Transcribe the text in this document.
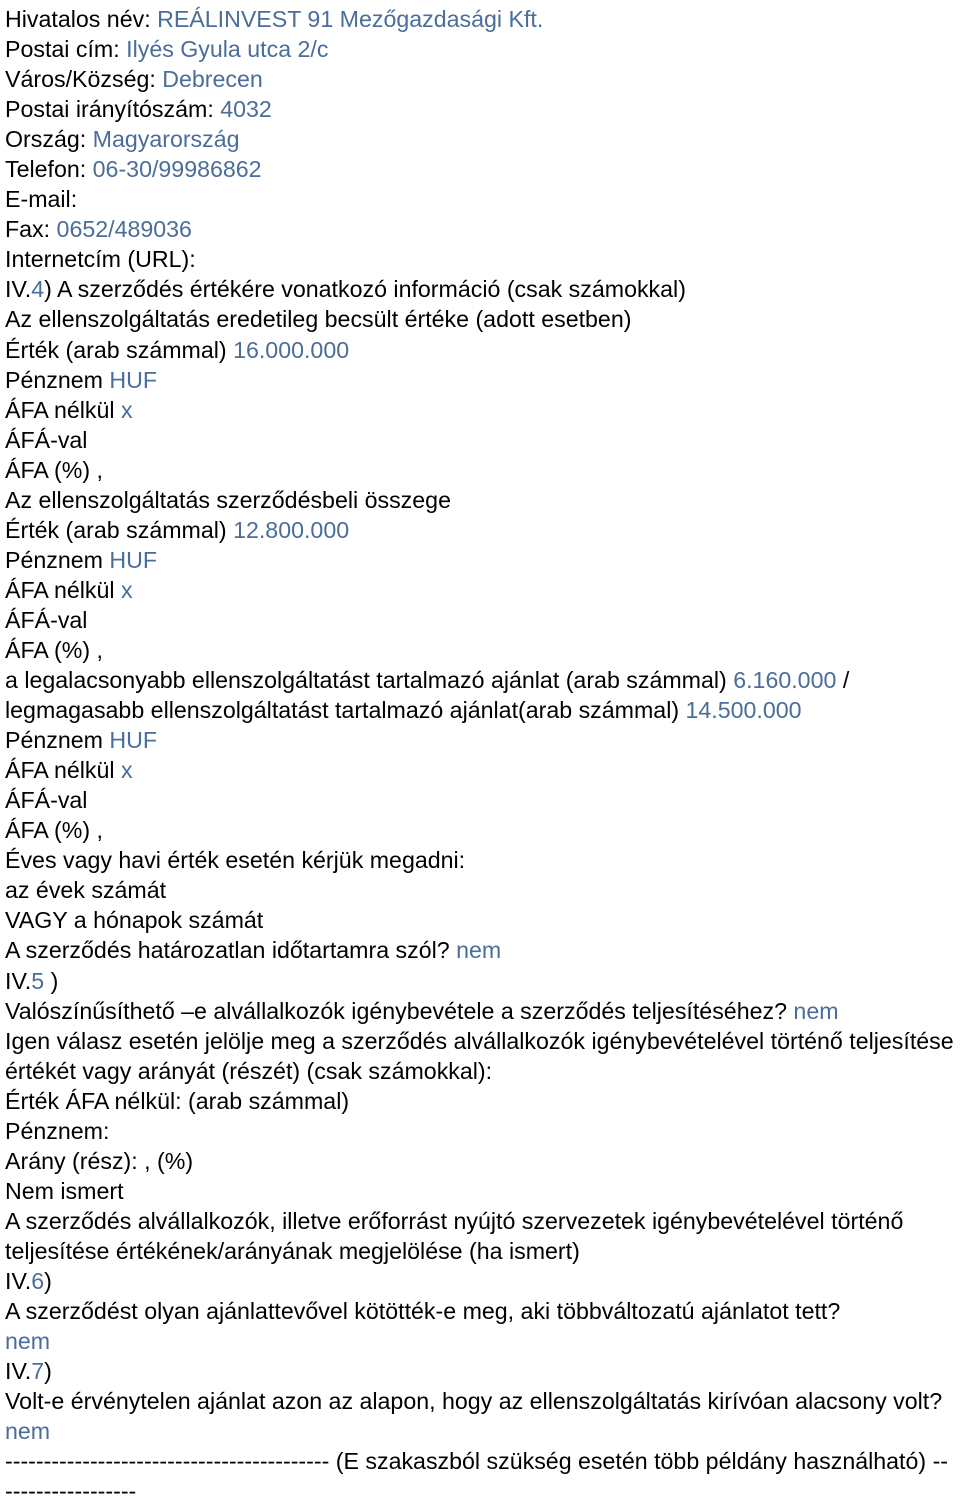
Hivatalos név: REÁLINVEST 91 Mezőgazdasági Kft.
Postai cím: Ilyés Gyula utca 2/c
Város/Község: Debrecen
Postai irányítószám: 4032
Ország: Magyarország
Telefon: 06-30/99986862
E-mail:
Fax: 0652/489036
Internetcím (URL):
IV.4) A szerződés értékére vonatkozó információ (csak számokkal)
Az ellenszolgáltatás eredetileg becsült értéke (adott esetben)
Érték (arab számmal) 16.000.000
Pénznem HUF
ÁFA nélkül x
ÁFÁ-val
ÁFA (%) ,
Az ellenszolgáltatás szerződésbeli összege
Érték (arab számmal) 12.800.000
Pénznem HUF
ÁFA nélkül x
ÁFÁ-val
ÁFA (%) ,
a legalacsonyabb ellenszolgáltatást tartalmazó ajánlat (arab számmal) 6.160.000 /
legmagasabb ellenszolgáltatást tartalmazó ajánlat(arab számmal) 14.500.000
Pénznem HUF
ÁFA nélkül x
ÁFÁ-val
ÁFA (%) ,
Éves vagy havi érték esetén kérjük megadni:
az évek számát
VAGY a hónapok számát
A szerződés határozatlan időtartamra szól? nem
IV.5 )
Valószínűsíthető –e alvállalkozók igénybevétele a szerződés teljesítéséhez? nem
Igen válasz esetén jelölje meg a szerződés alvállalkozók igénybevételével történő teljesítése értékét vagy arányát (részét) (csak számokkal):
Érték ÁFA nélkül: (arab számmal)
Pénznem:
Arány (rész): , (%)
Nem ismert
A szerződés alvállalkozók, illetve erőforrást nyújtó szervezetek igénybevételével történő teljesítése értékének/arányának megjelölése (ha ismert)
IV.6)
A szerződést olyan ajánlattevővel kötötték-e meg, aki többváltozatú ajánlatot tett?
nem
IV.7)
Volt-e érvénytelen ajánlat azon az alapon, hogy az ellenszolgáltatás kirívóan alacsony volt? nem
------------------------------------------ (E szakaszból szükség esetén több példány használható) -------------------
